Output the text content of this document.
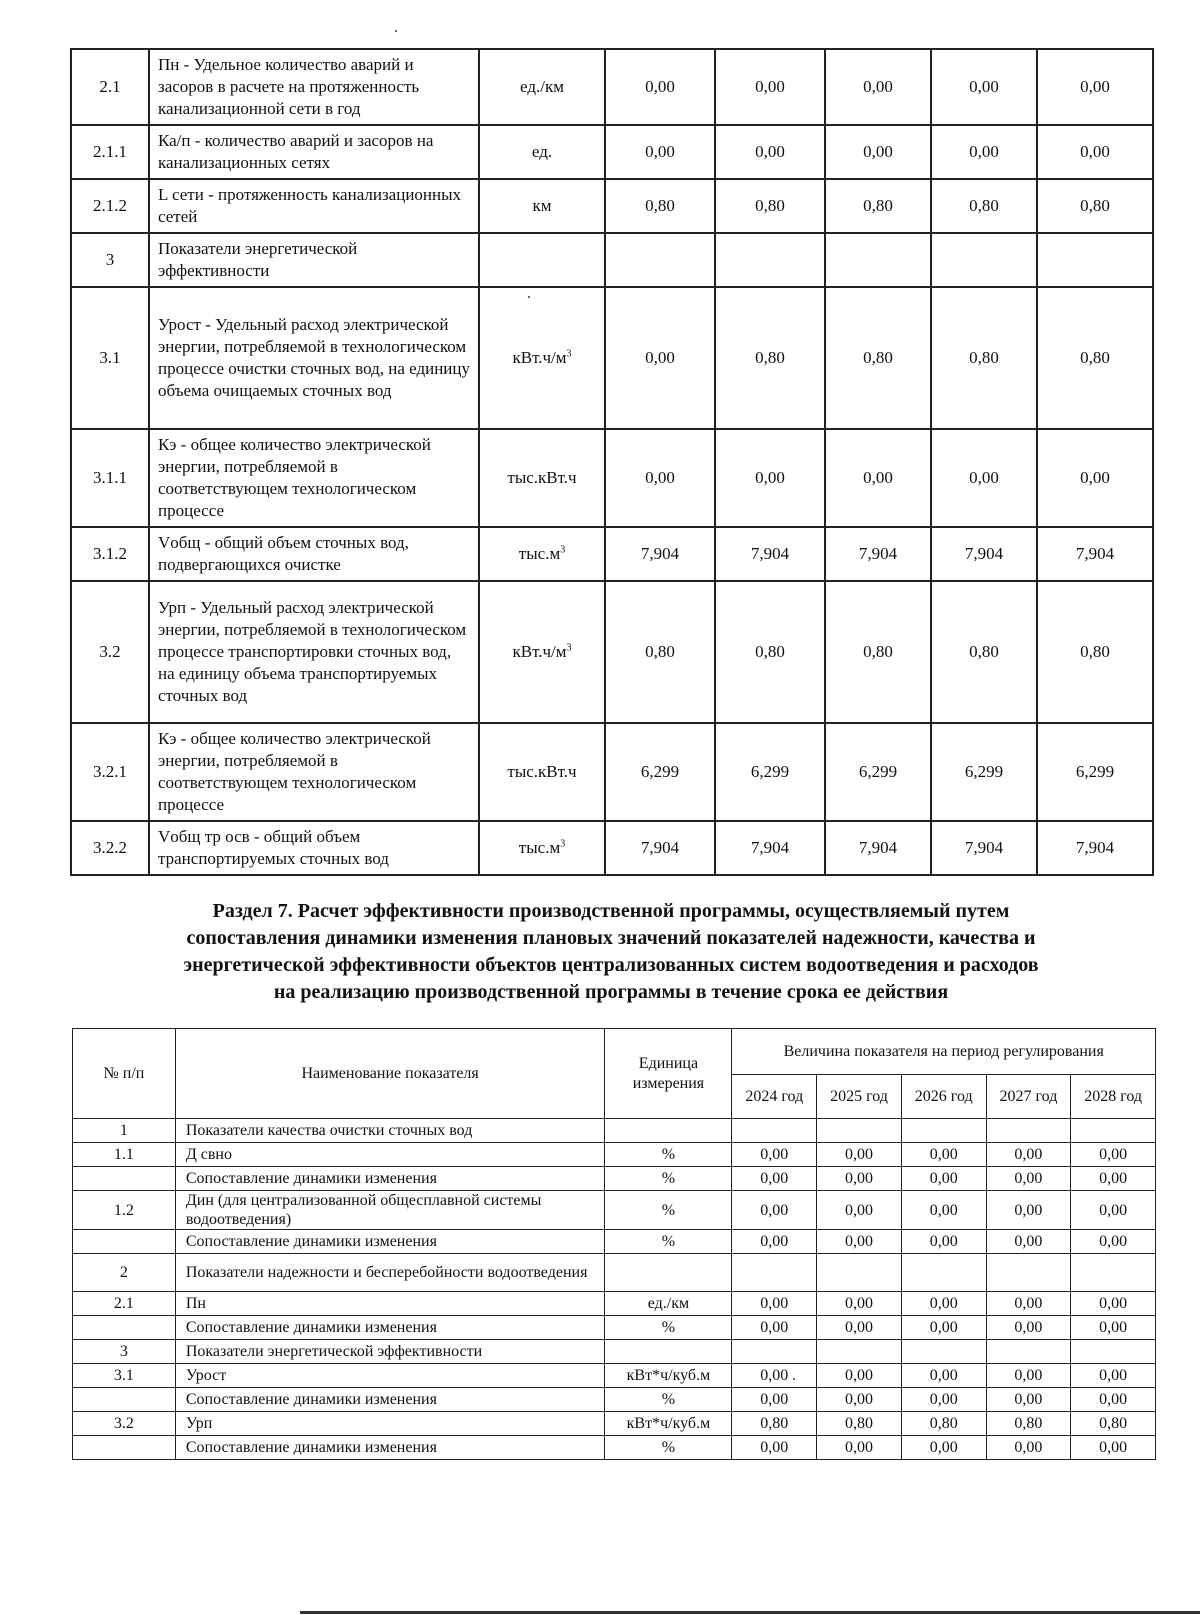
2.1	Пн - Удельное количество аварий и засоров в расчете на протяженность канализационной сети в год	ед./км	0,00	0,00	0,00	0,00	0,00
2.1.1	Ка/п - количество аварий и засоров на канализационных сетях	ед.	0,00	0,00	0,00	0,00	0,00
2.1.2	L сети - протяженность канализационных сетей	км	0,80	0,80	0,80	0,80	0,80
3	Показатели энергетической эффективности						
3.1	Урост - Удельный расход электрической энергии, потребляемой в технологическом процессе очистки сточных вод, на единицу объема очищаемых сточных вод	$кВт.ч/м^3$	0,00	0,80	0,80	0,80	0,80
3.1.1	Кэ - общее количество электрической энергии, потребляемой в соответствующем технологическом процессе	тыс.кВт.ч	0,00	0,00	0,00	0,00	0,00
3.1.2	Vобщ - общий объем сточных вод, подвергающихся очистке	$тыс.м^3$	7,904	7,904	7,904	7,904	7,904
3.2	Урп - Удельный расход электрической энергии, потребляемой в технологическом процессе транспортировки сточных вод, на единицу объема транспортируемых сточных вод	$кВт.ч/м^3$	0,80	0,80	0,80	0,80	0,80
3.2.1	Кэ - общее количество электрической энергии, потребляемой в соответствующем технологическом процессе	тыс.кВт.ч	6,299	6,299	6,299	6,299	6,299
3.2.2	Vобщ тр осв - общий объем транспортируемых сточных вод	$тыс.м^3$	7,904	7,904	7,904	7,904	7,904
Раздел 7. Расчет эффективности производственной программы, осуществляемый путем
сопоставления динамики изменения плановых значений показателей надежности, качества и
энергетической эффективности объектов централизованных систем водоотведения и расходов
на реализацию производственной программы в течение срока ее действия
№ п/п	Наименование показателя	Единица измерения	Величина показателя на период регулирования				
			2024 год	2025 год	2026 год	2027 год	2028 год
1	Показатели качества очистки сточных вод						
1.1	Д свно	%	0,00	0,00	0,00	0,00	0,00
	Сопоставление динамики изменения	%	0,00	0,00	0,00	0,00	0,00
1.2	Дин (для централизованной общесплавной системы водоотведения)	%	0,00	0,00	0,00	0,00	0,00
	Сопоставление динамики изменения	%	0,00	0,00	0,00	0,00	0,00
2	Показатели надежности и бесперебойности водоотведения						
2.1	Пн	ед./км	0,00	0,00	0,00	0,00	0,00
	Сопоставление динамики изменения	%	0,00	0,00	0,00	0,00	0,00
3	Показатели энергетической эффективности						
3.1	Урост	кВт*ч/куб.м	0,00	0,00	0,00	0,00	0,00
	Сопоставление динамики изменения	%	0,00	0,00	0,00	0,00	0,00
3.2	Урп	кВт*ч/куб.м	0,80	0,80	0,80	0,80	0,80
	Сопоставление динамики изменения	%	0,00	0,00	0,00	0,00	0,00
